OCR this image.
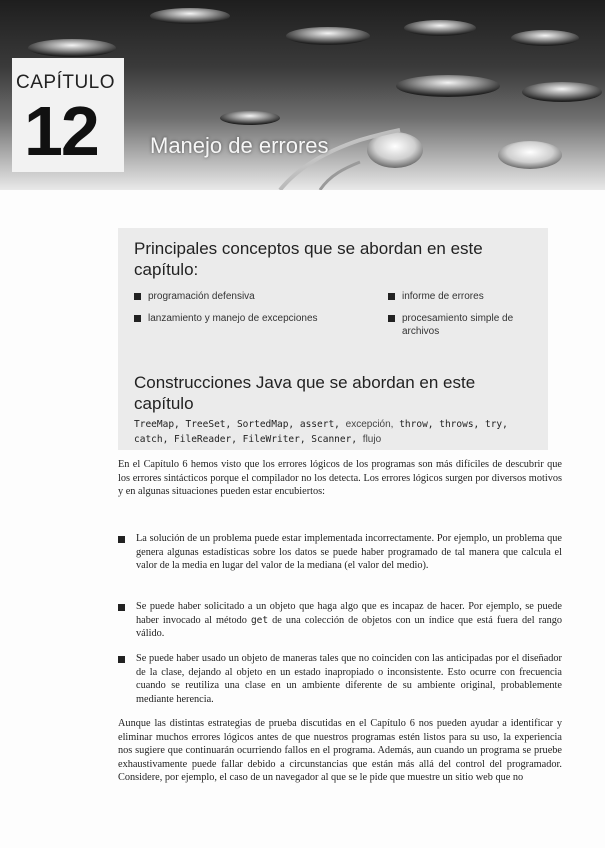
CAPÍTULO
12 Manejo de errores
Principales conceptos que se abordan en este capítulo:
programación defensiva
lanzamiento y manejo de excepciones
informe de errores
procesamiento simple de archivos
Construcciones Java que se abordan en este capítulo
TreeMap, TreeSet, SortedMap, assert, excepción, throw, throws, try,
catch, FileReader, FileWriter, Scanner, flujo

En el Capítulo 6 hemos visto que los errores lógicos de los programas son más difíciles de descubrir que los errores sintácticos porque el compilador no los detecta. Los errores lógicos surgen por diversos motivos y en algunas situaciones pueden estar encubiertos:

La solución de un problema puede estar implementada incorrectamente. Por ejemplo, un problema que genera algunas estadísticas sobre los datos se puede haber programado de tal manera que calcula el valor de la media en lugar del valor de la mediana (el valor del medio).
Se puede haber solicitado a un objeto que haga algo que es incapaz de hacer. Por ejemplo, se puede haber invocado al método get de una colección de objetos con un índice que está fuera del rango válido.
Se puede haber usado un objeto de maneras tales que no coinciden con las anticipadas por el diseñador de la clase, dejando al objeto en un estado inapropiado o inconsistente. Esto ocurre con frecuencia cuando se reutiliza una clase en un ambiente diferente de su ambiente original, probablemente mediante herencia.

Aunque las distintas estrategias de prueba discutidas en el Capítulo 6 nos pueden ayudar a identificar y eliminar muchos errores lógicos antes de que nuestros programas estén listos para su uso, la experiencia nos sugiere que continuarán ocurriendo fallos en el programa. Además, aun cuando un programa se pruebe exhaustivamente puede fallar debido a circunstancias que están más allá del control del programador. Considere, por ejemplo, el caso de un navegador al que se le pide que muestre un sitio web que no
